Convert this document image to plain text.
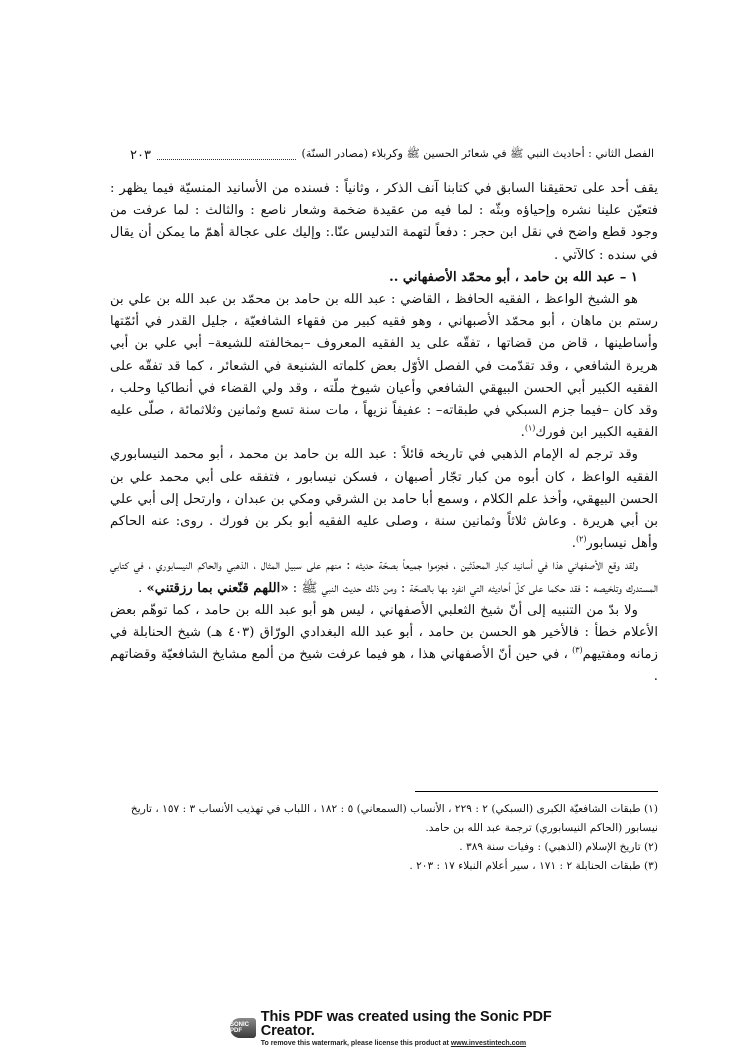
الفصل الثاني : أحاديث النبي ﷺ في شعائر الحسين ﷺ وكربلاء (مصادر السنّة)
٢٠٣

يقف أحد على تحقيقنا السابق في كتابنا آنف الذكر ، وثانياً : فسنده من الأسانيد المنسيّة فيما يظهر : فتعيّن علينا نشره وإحياؤه وبثّه : لما فيه من عقيدة ضخمة وشعار ناصع : والثالث : لما عرفت من وجود قطع واضح في نقل ابن حجر : دفعاً لتهمة التدليس عنّا.: وإليك على عجالة أهمّ ما يمكن أن يقال في سنده : كالآتي .

١ – عبد الله بن حامد ، أبو محمّد الأصفهاني ..

هو الشيخ الواعظ ، الفقيه الحافظ ، القاضي : عبد الله بن حامد بن محمّد بن عبد الله بن علي بن رستم بن ماهان ، أبو محمّد الأصبهاني ، وهو فقيه كبير من فقهاء الشافعيّة ، جليل القدر في أئمّتها وأساطينها ، قاض من قضاتها ، تفقّه على يد الفقيه المعروف –بمخالفته للشيعة– أبي علي بن أبي هريرة الشافعي ، وقد تقدّمت في الفصل الأوّل بعض كلماته الشنيعة في الشعائر ، كما قد تفقّه على الفقيه الكبير أبي الحسن البيهقي الشافعي وأعيان شيوخ ملّته ، وقد ولي القضاء في أنطاكيا وحلب ، وقد كان –فيما جزم السبكي في طبقاته– : عفيفاً نزيهاً ، مات سنة تسع وثمانين وثلاثمائة ، صلّى عليه الفقيه الكبير ابن فورك$^{(١)}$.

وقد ترجم له الإمام الذهبي في تاريخه قائلاً : عبد الله بن حامد بن محمد ، أبو محمد النيسابوري الفقيه الواعظ ، كان أبوه من كبار تجّار أصبهان ، فسكن نيسابور ، فتفقه على أبي محمد علي بن الحسن البيهقي، وأخذ علم الكلام ، وسمع أبا حامد بن الشرقي ومكي بن عبدان ، وارتحل إلى أبي علي بن أبي هريرة . وعاش ثلاثاً وثمانين سنة ، وصلى عليه الفقيه أبو بكر بن فورك . روى: عنه الحاكم وأهل نيسابور$^{(٢)}$.

ولقد وقع الأصفهاني هذا في أسانيد كبار المحدّثين ، فجزموا جميعاً بصحّة حديثه : منهم على سبيل المثال ، الذهبي والحاكم النيسابوري ، في كتابي المستدرك وتلخيصه : فقد حكما على كلّ أحاديثه التي انفرد بها بالصحّة : ومن ذلك حديث النبي ﷺ : «اللهم قنّعني بما رزقتني» .

ولا بدّ من التنبيه إلى أنّ شيخ الثعلبي الأصفهاني ، ليس هو أبو عبد الله بن حامد ، كما توهّم بعض الأعلام خطأ : فالأخير هو الحسن بن حامد ، أبو عبد الله البغدادي الورّاق (٤٠٣ هـ) شيخ الحنابلة في زمانه ومفتيهم$^{(٣)}$ ، في حين أنّ الأصفهاني هذا ، هو فيما عرفت شيخ من ألمع مشايخ الشافعيّة وقضاتهم .

(١) طبقات الشافعيّة الكبرى (السبكي) ٢ : ٢٢٩ ، الأنساب (السمعاني) ٥ : ١٨٢ ، اللباب في تهذيب الأنساب ٣ : ١٥٧ ، تاريخ نيسابور (الحاكم النيسابوري) ترجمة عبد الله بن حامد.

(٢) تاريخ الإسلام (الذهبي) : وفيات سنة ٣٨٩ .

(٣) طبقات الحنابلة ٢ : ١٧١ ، سير أعلام النبلاء ١٧ : ٢٠٣ .

SONIC PDF
This PDF was created using the Sonic PDF Creator.
To remove this watermark, please license this product at www.investintech.com
